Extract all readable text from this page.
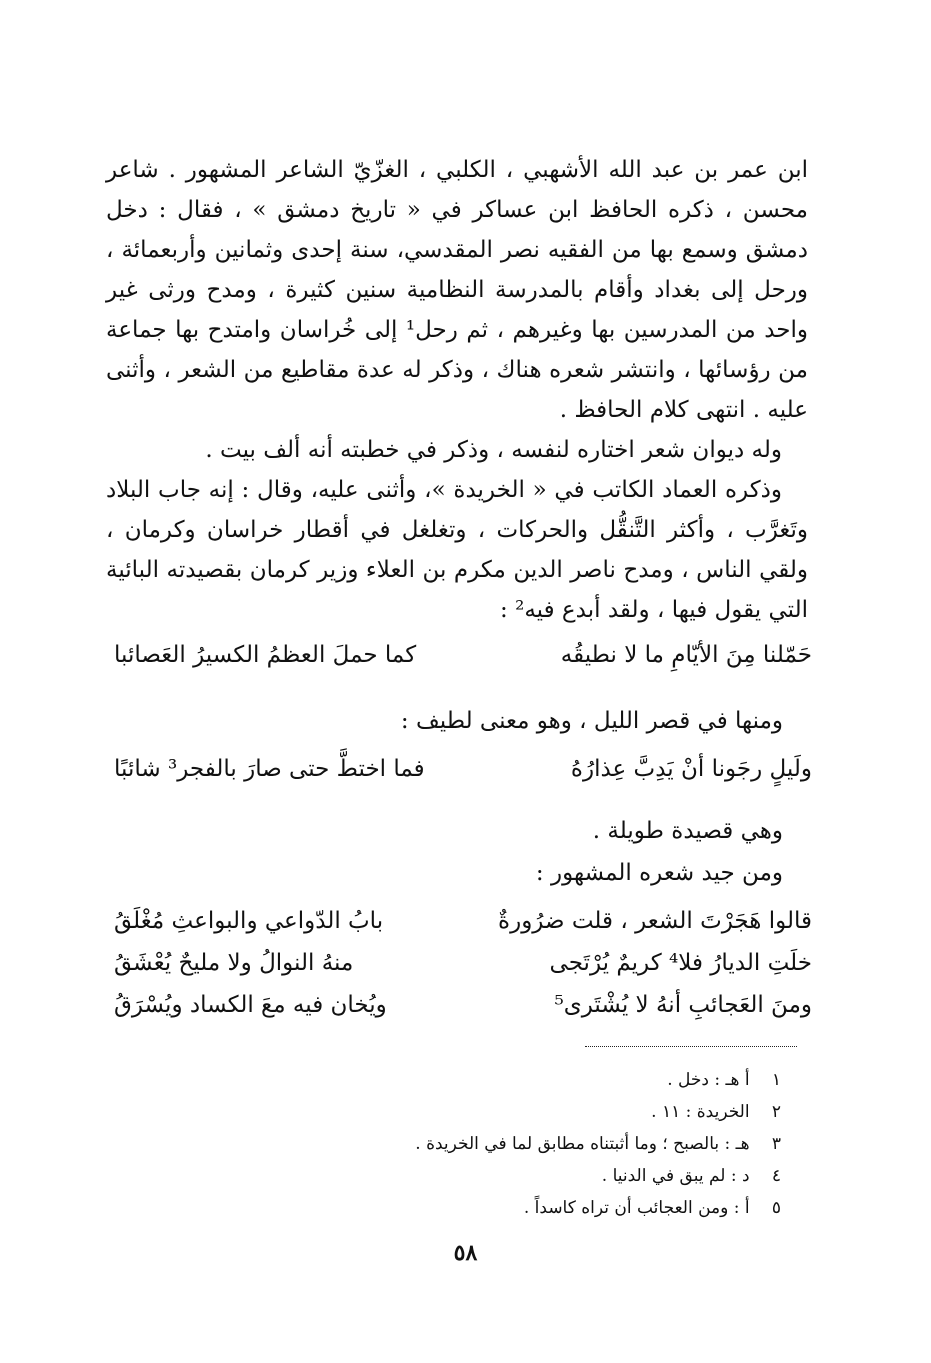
ابن عمر بن عبد الله الأشهبي ، الكلبي ، الغزّيّ الشاعر المشهور . شاعر محسن ، ذكره الحافظ ابن عساكر في « تاريخ دمشق » ، فقال : دخل دمشق وسمع بها من الفقيه نصر المقدسي، سنة إحدى وثمانين وأربعمائة ، ورحل إلى بغداد وأقام بالمدرسة النظامية سنين كثيرة ، ومدح ورثى غير واحد من المدرسين بها وغيرهم ، ثم رحل¹ إلى خُراسان وامتدح بها جماعة من رؤسائها ، وانتشر شعره هناك ، وذكر له عدة مقاطيع من الشعر ، وأثنى عليه . انتهى كلام الحافظ .

وله ديوان شعر اختاره لنفسه ، وذكر في خطبته أنه ألف بيت .

وذكره العماد الكاتب في « الخريدة »، وأثنى عليه، وقال : إنه جاب البلاد وتَغرَّب ، وأكثر التَّنقُّل والحركات ، وتغلغل في أقطار خراسان وكرمان ، ولقي الناس ، ومدح ناصر الدين مكرم بن العلاء وزير كرمان بقصيدته البائية التي يقول فيها ، ولقد أبدع فيه² :

حَمّلنا مِنَ الأيّامِ ما لا نطيقُه
كما حملَ العظمُ الكسيرُ العَصائبا
ومنها في قصر الليل ، وهو معنى لطيف :
ولَيلٍ رجَونا أنْ يَدِبَّ عِذارُهُ
فما اختطَّ حتى صارَ بالفجر³ شائبًا
وهي قصيدة طويلة .
ومن جيد شعره المشهور :
قالوا هَجَرْتَ الشعر ، قلت ضرُورةٌ
بابُ الدّواعي والبواعثِ مُغْلَقُ
خلَتِ الديارُ فلا⁴ كريمٌ يُرْتَجى
منهُ النوالُ ولا مليحٌ يُعْشَقُ
ومنَ العَجائبِ أنهُ لا يُشْتَرى⁵
ويُخان فيه معَ الكساد ويُسْرَقُ
١ أ هـ : دخل .
٢ الخريدة : ١١ .
٣ هـ : بالصبح ؛ وما أثبتناه مطابق لما في الخريدة .
٤ د : لم يبق في الدنيا .
٥ أ : ومن العجائب أن تراه كاسداً .
٥٨
